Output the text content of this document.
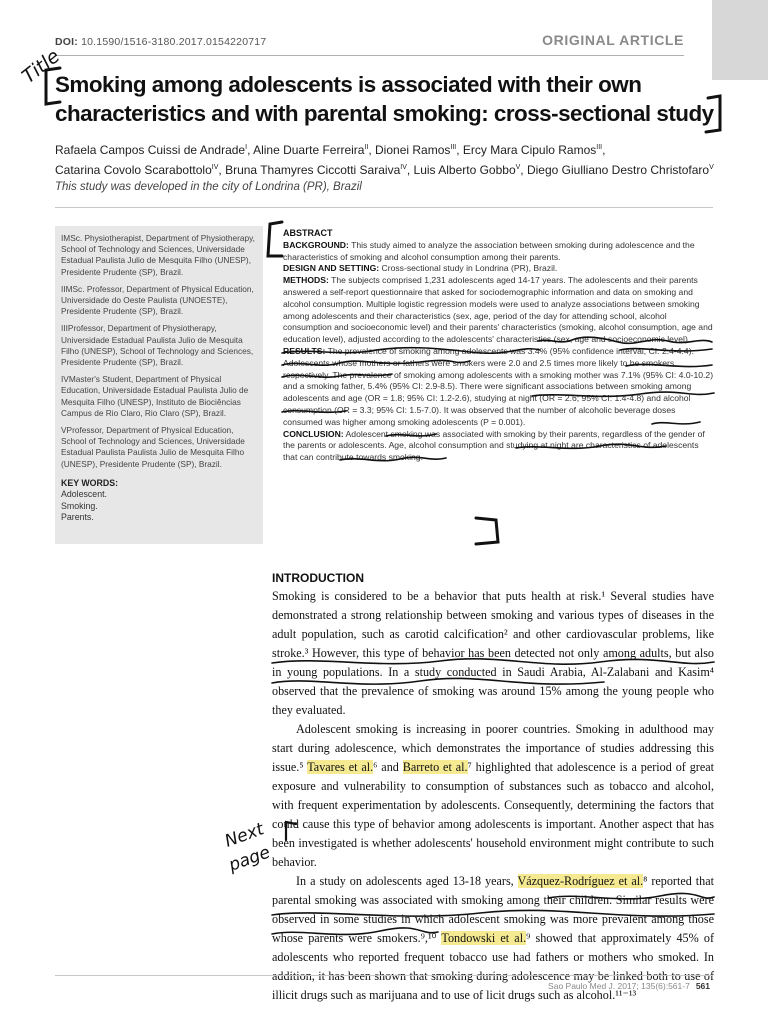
DOI: 10.1590/1516-3180.2017.0154220717	ORIGINAL ARTICLE
Smoking among adolescents is associated with their own characteristics and with parental smoking: cross-sectional study
Rafaela Campos Cuissi de Andrade$^I$, Aline Duarte Ferreira$^{II}$, Dionei Ramos$^{III}$, Ercy Mara Cipulo Ramos$^{III}$,
Catarina Covolo Scarabottolo$^{IV}$, Bruna Thamyres Ciccotti Saraiva$^{IV}$, Luis Alberto Gobbo$^V$, Diego Giulliano Destro Christofaro$^V$
This study was developed in the city of Londrina (PR), Brazil
IMSc. Physiotherapist, Department of Physiotherapy, School of Technology and Sciences, Universidade Estadual Paulista Julio de Mesquita Filho (UNESP), Presidente Prudente (SP), Brazil.
IIMSc. Professor, Department of Physical Education, Universidade do Oeste Paulista (UNOESTE), Presidente Prudente (SP), Brazil.
IIIProfessor, Department of Physiotherapy, Universidade Estadual Paulista Julio de Mesquita Filho (UNESP), School of Technology and Sciences, Presidente Prudente (SP), Brazil.
IVMaster's Student, Department of Physical Education, Universidade Estadual Paulista Julio de Mesquita Filho (UNESP), Instituto de Biociências Campus de Rio Claro, Rio Claro (SP), Brazil.
VProfessor, Department of Physical Education, School of Technology and Sciences, Universidade Estadual Paulista Paulista Julio de Mesquita Filho (UNESP), Presidente Prudente (SP), Brazil.
KEY WORDS:
Adolescent.
Smoking.
Parents.
ABSTRACT

BACKGROUND: This study aimed to analyze the association between smoking during adolescence and the characteristics of smoking and alcohol consumption among their parents.

DESIGN AND SETTING: Cross-sectional study in Londrina (PR), Brazil.

METHODS: The subjects comprised 1,231 adolescents aged 14-17 years. The adolescents and their parents answered a self-report questionnaire that asked for sociodemographic information and data on smoking and alcohol consumption. Multiple logistic regression models were used to analyze associations between smoking among adolescents and their characteristics (sex, age, period of the day for attending school, alcohol consumption and socioeconomic level) and their parents' characteristics (smoking, alcohol consumption, age and education level), adjusted according to the adolescents' characteristics (sex, age and socioeconomic level).

RESULTS: The prevalence of smoking among adolescents was 3.4% (95% confidence interval, CI: 2.4-4.4). Adolescents whose mothers or fathers were smokers were 2.0 and 2.5 times more likely to be smokers, respectively. The prevalence of smoking among adolescents with a smoking mother was 7.1% (95% CI: 4.0-10.2) and a smoking father, 5.4% (95% CI: 2.9-8.5). There were significant associations between smoking among adolescents and age (OR = 1.8; 95% CI: 1.2-2.6), studying at night (OR = 2.6; 95% CI: 1.4-4.8) and alcohol consumption (OR = 3.3; 95% CI: 1.5-7.0). It was observed that the number of alcoholic beverage doses consumed was higher among smoking adolescents (P = 0.001).

CONCLUSION: Adolescent smoking was associated with smoking by their parents, regardless of the gender of the parents or adolescents. Age, alcohol consumption and studying at night are characteristics of adolescents that can contribute towards smoking.

INTRODUCTION

Smoking is considered to be a behavior that puts health at risk.¹ Several studies have demonstrated a strong relationship between smoking and various types of diseases in the adult population, such as carotid calcification² and other cardiovascular problems, like stroke.³ However, this type of behavior has been detected not only among adults, but also in young populations. In a study conducted in Saudi Arabia, Al-Zalabani and Kasim⁴ observed that the prevalence of smoking was around 15% among the young people who they evaluated.

Adolescent smoking is increasing in poorer countries. Smoking in adulthood may start during adolescence, which demonstrates the importance of studies addressing this issue.⁵ Tavares et al.⁶ and Barreto et al.⁷ highlighted that adolescence is a period of great exposure and vulnerability to consumption of substances such as tobacco and alcohol, with frequent experimentation by adolescents. Consequently, determining the factors that could cause this type of behavior among adolescents is important. Another aspect that has been investigated is whether adolescents' household environment might contribute to such behavior.

In a study on adolescents aged 13-18 years, Vázquez-Rodríguez et al.⁸ reported that parental smoking was associated with smoking among their children. Similar results were observed in some studies in which adolescent smoking was more prevalent among those whose parents were smokers.⁹,¹⁰ Tondowski et al.⁹ showed that approximately 45% of adolescents who reported frequent tobacco use had fathers or mothers who smoked. In addition, it has been shown that smoking during adolescence may be linked both to use of illicit drugs such as marijuana and to use of licit drugs such as alcohol.¹¹⁻¹³

Sao Paulo Med J. 2017; 135(6):561-7 561
Title
Next
page
